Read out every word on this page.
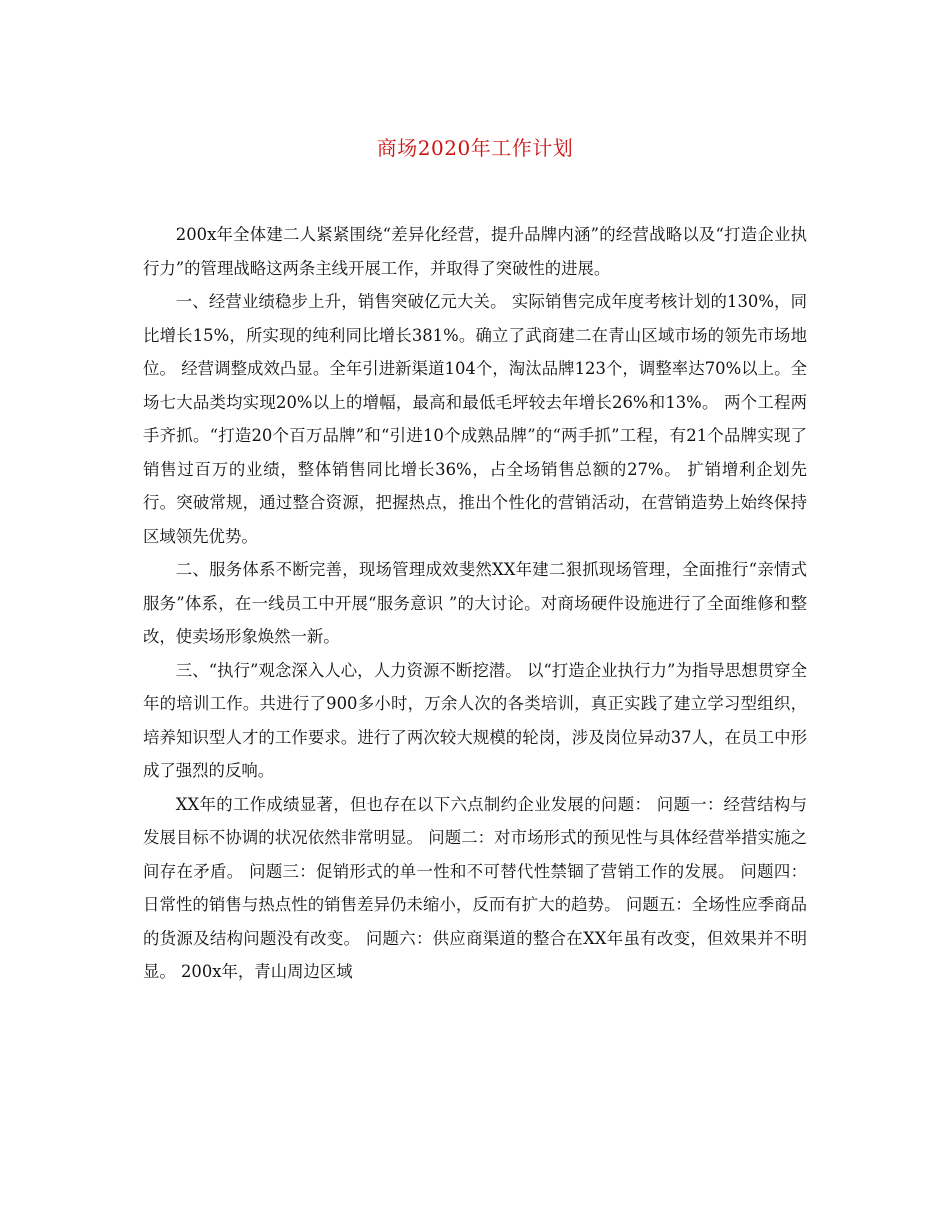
商场2020年工作计划

200x年全体建二人紧紧围绕“差异化经营，提升品牌内涵”的经营战略以及“打造企业执行力”的管理战略这两条主线开展工作，并取得了突破性的进展。

一、经营业绩稳步上升，销售突破亿元大关。 实际销售完成年度考核计划的130%，同比增长15%，所实现的纯利同比增长381%。确立了武商建二在青山区域市场的领先市场地位。 经营调整成效凸显。全年引进新渠道104个，淘汰品牌123个，调整率达70%以上。全场七大品类均实现20%以上的增幅，最高和最低毛坪较去年增长26%和13%。 两个工程两手齐抓。“打造20个百万品牌”和“引进10个成熟品牌”的“两手抓”工程，有21个品牌实现了销售过百万的业绩，整体销售同比增长36%，占全场销售总额的27%。 扩销增利企划先行。突破常规，通过整合资源，把握热点，推出个性化的营销活动，在营销造势上始终保持区域领先优势。

二、服务体系不断完善，现场管理成效斐然XX年建二狠抓现场管理，全面推行“亲情式服务”体系，在一线员工中开展“服务意识 ”的大讨论。对商场硬件设施进行了全面维修和整改，使卖场形象焕然一新。

三、“执行”观念深入人心，人力资源不断挖潜。 以“打造企业执行力”为指导思想贯穿全年的培训工作。共进行了900多小时，万余人次的各类培训，真正实践了建立学习型组织，培养知识型人才的工作要求。进行了两次较大规模的轮岗，涉及岗位异动37人，在员工中形成了强烈的反响。

XX年的工作成绩显著，但也存在以下六点制约企业发展的问题： 问题一：经营结构与发展目标不协调的状况依然非常明显。 问题二：对市场形式的预见性与具体经营举措实施之间存在矛盾。 问题三：促销形式的单一性和不可替代性禁锢了营销工作的发展。 问题四：日常性的销售与热点性的销售差异仍未缩小，反而有扩大的趋势。 问题五：全场性应季商品的货源及结构问题没有改变。 问题六：供应商渠道的整合在XX年虽有改变，但效果并不明显。 200x年，青山周边区域
